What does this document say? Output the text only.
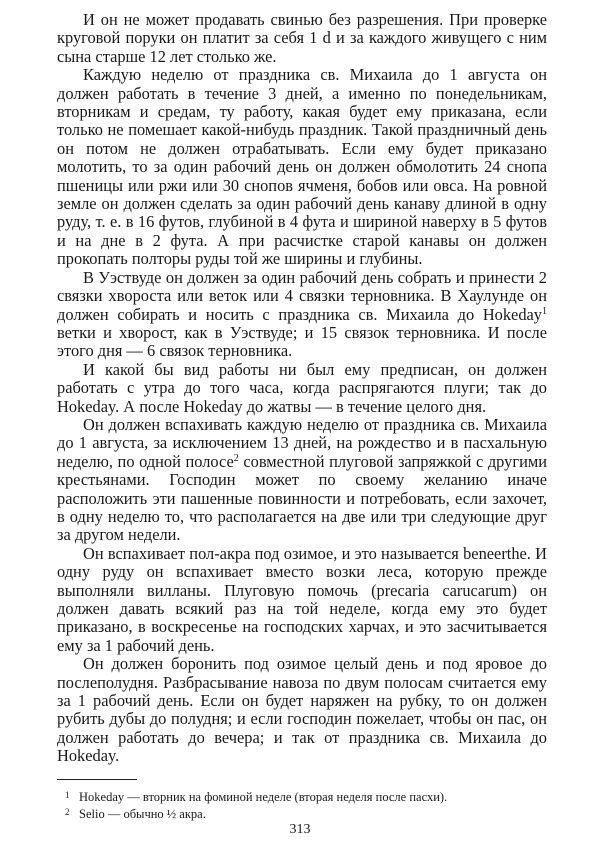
И он не может продавать свинью без разрешения. При проверке круговой поруки он платит за себя 1 d и за каждого живущего с ним сына старше 12 лет столько же.

Каждую неделю от праздника св. Михаила до 1 августа он должен работать в течение 3 дней, а именно по понедельникам, вторникам и средам, ту работу, какая будет ему приказана, если только не помешает какой-нибудь праздник. Такой праздничный день он потом не должен отрабатывать. Если ему будет приказано молотить, то за один рабочий день он должен обмолотить 24 снопа пшеницы или ржи или 30 снопов ячменя, бобов или овса. На ровной земле он должен сделать за один рабочий день канаву длиной в одну руду, т. е. в 16 футов, глубиной в 4 фута и шириной наверху в 5 футов и на дне в 2 фута. А при расчистке старой канавы он должен прокопать полторы руды той же ширины и глубины.

В Уэствуде он должен за один рабочий день собрать и принести 2 связки хвороста или веток или 4 связки терновника. В Хаулунде он должен собирать и носить с праздника св. Михаила до Hokeday$^1$ ветки и хворост, как в Уэствуде; и 15 связок терновника. И после этого дня — 6 связок терновника.

И какой бы вид работы ни был ему предписан, он должен работать с утра до того часа, когда распрягаются плуги; так до Hokeday. А после Hokeday до жатвы — в течение целого дня.

Он должен вспахивать каждую неделю от праздника св. Михаила до 1 августа, за исключением 13 дней, на рождество и в пасхальную неделю, по одной полосе$^2$ совместной плуговой запряжкой с другими крестьянами. Господин может по своему желанию иначе расположить эти пашенные повинности и потребовать, если захочет, в одну неделю то, что располагается на две или три следующие друг за другом недели.

Он вспахивает пол-акра под озимое, и это называется beneerthe. И одну руду он вспахивает вместо возки леса, которую прежде выполняли вилланы. Плуговую помочь (precaria carucarum) он должен давать всякий раз на той неделе, когда ему это будет приказано, в воскресенье на господских харчах, и это засчитывается ему за 1 рабочий день.

Он должен боронить под озимое целый день и под яровое до послеполудня. Разбрасывание навоза по двум полосам считается ему за 1 рабочий день. Если он будет наряжен на рубку, то он должен рубить дубы до полудня; и если господин пожелает, чтобы он пас, он должен работать до вечера; и так от праздника св. Михаила до Hokeday.

1 Hokeday — вторник на фоминой неделе (вторая неделя после пасхи).

2 Selio — обычно ½ акра.

313
